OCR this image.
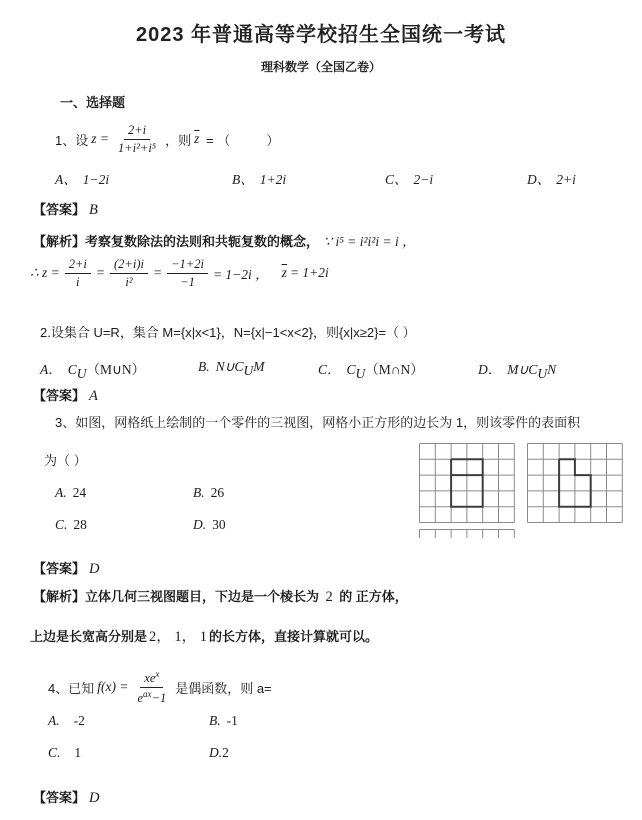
2023 年普通高等学校招生全国统一考试
理科数学（全国乙卷）
一、选择题
1、设 $z = \frac{2+i}{\text{1+i²+i⁵}}$ ，则 $\overline{z}$ = （          ）
A、 1−2i	B、 1+2i	C、 2−i	D、 2+i
【答案】 B
【解析】考察复数除法的法则和共轭复数的概念， ∵ i⁵ = i²i²i = i ，
∴ $z = \frac{2+i}{i} = \frac{(2+i)i}{\text{i²}} = \frac{-1+2i}{-1} = 1-2i$ ， $\overline{z} = 1+2i$
2.设集合 U=R，集合 M={x|x<1}，N={x|−1<x<2}，则{x|x≥2}=（ ）
A． $C_U(M\cup N)$	B. $N\cup C_UM$	C． $C_U(M\cap N)$	D． $M\cup C_UN$
【答案】 A
3、如图，网格纸上绘制的一个零件的三视图，网格小正方形的边长为 1，则该零件的表面积
为（ ）
A. 24	B. 26
C. 28	D. 30
【答案】 D
【解析】立体几何三视图题目，下边是一个棱长为 2 的 正方体，
上边是长宽高分别是 2， 1， 1 的长方体，直接计算就可以。
4、已知 $f(x) = \frac{xe^x}{e^{ax}-1}$ 是偶函数，则 a=
A. -2	B. -1
C. 1	D.2
【答案】 D
